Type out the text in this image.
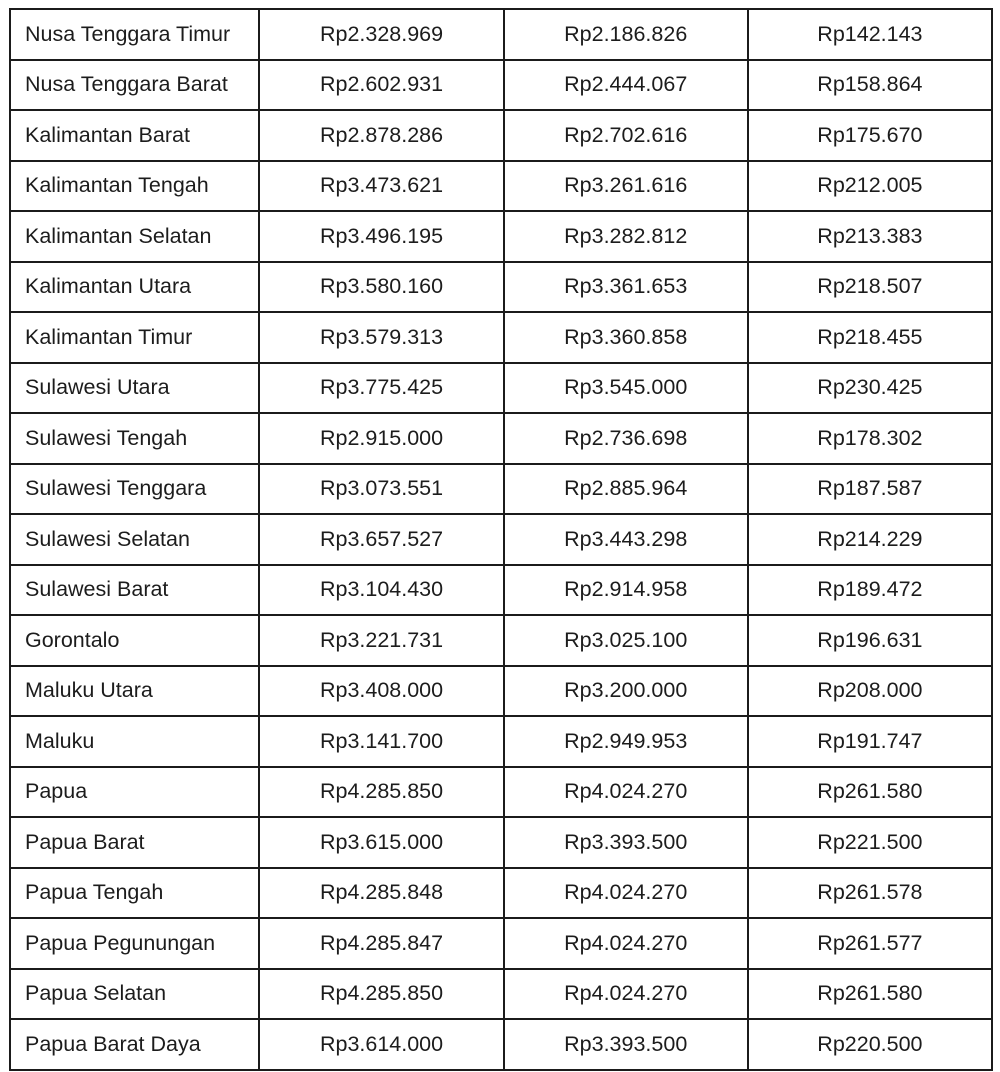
Nusa Tenggara Timur	Rp2.328.969	Rp2.186.826	Rp142.143
Nusa Tenggara Barat	Rp2.602.931	Rp2.444.067	Rp158.864
Kalimantan Barat	Rp2.878.286	Rp2.702.616	Rp175.670
Kalimantan Tengah	Rp3.473.621	Rp3.261.616	Rp212.005
Kalimantan Selatan	Rp3.496.195	Rp3.282.812	Rp213.383
Kalimantan Utara	Rp3.580.160	Rp3.361.653	Rp218.507
Kalimantan Timur	Rp3.579.313	Rp3.360.858	Rp218.455
Sulawesi Utara	Rp3.775.425	Rp3.545.000	Rp230.425
Sulawesi Tengah	Rp2.915.000	Rp2.736.698	Rp178.302
Sulawesi Tenggara	Rp3.073.551	Rp2.885.964	Rp187.587
Sulawesi Selatan	Rp3.657.527	Rp3.443.298	Rp214.229
Sulawesi Barat	Rp3.104.430	Rp2.914.958	Rp189.472
Gorontalo	Rp3.221.731	Rp3.025.100	Rp196.631
Maluku Utara	Rp3.408.000	Rp3.200.000	Rp208.000
Maluku	Rp3.141.700	Rp2.949.953	Rp191.747
Papua	Rp4.285.850	Rp4.024.270	Rp261.580
Papua Barat	Rp3.615.000	Rp3.393.500	Rp221.500
Papua Tengah	Rp4.285.848	Rp4.024.270	Rp261.578
Papua Pegunungan	Rp4.285.847	Rp4.024.270	Rp261.577
Papua Selatan	Rp4.285.850	Rp4.024.270	Rp261.580
Papua Barat Daya	Rp3.614.000	Rp3.393.500	Rp220.500
